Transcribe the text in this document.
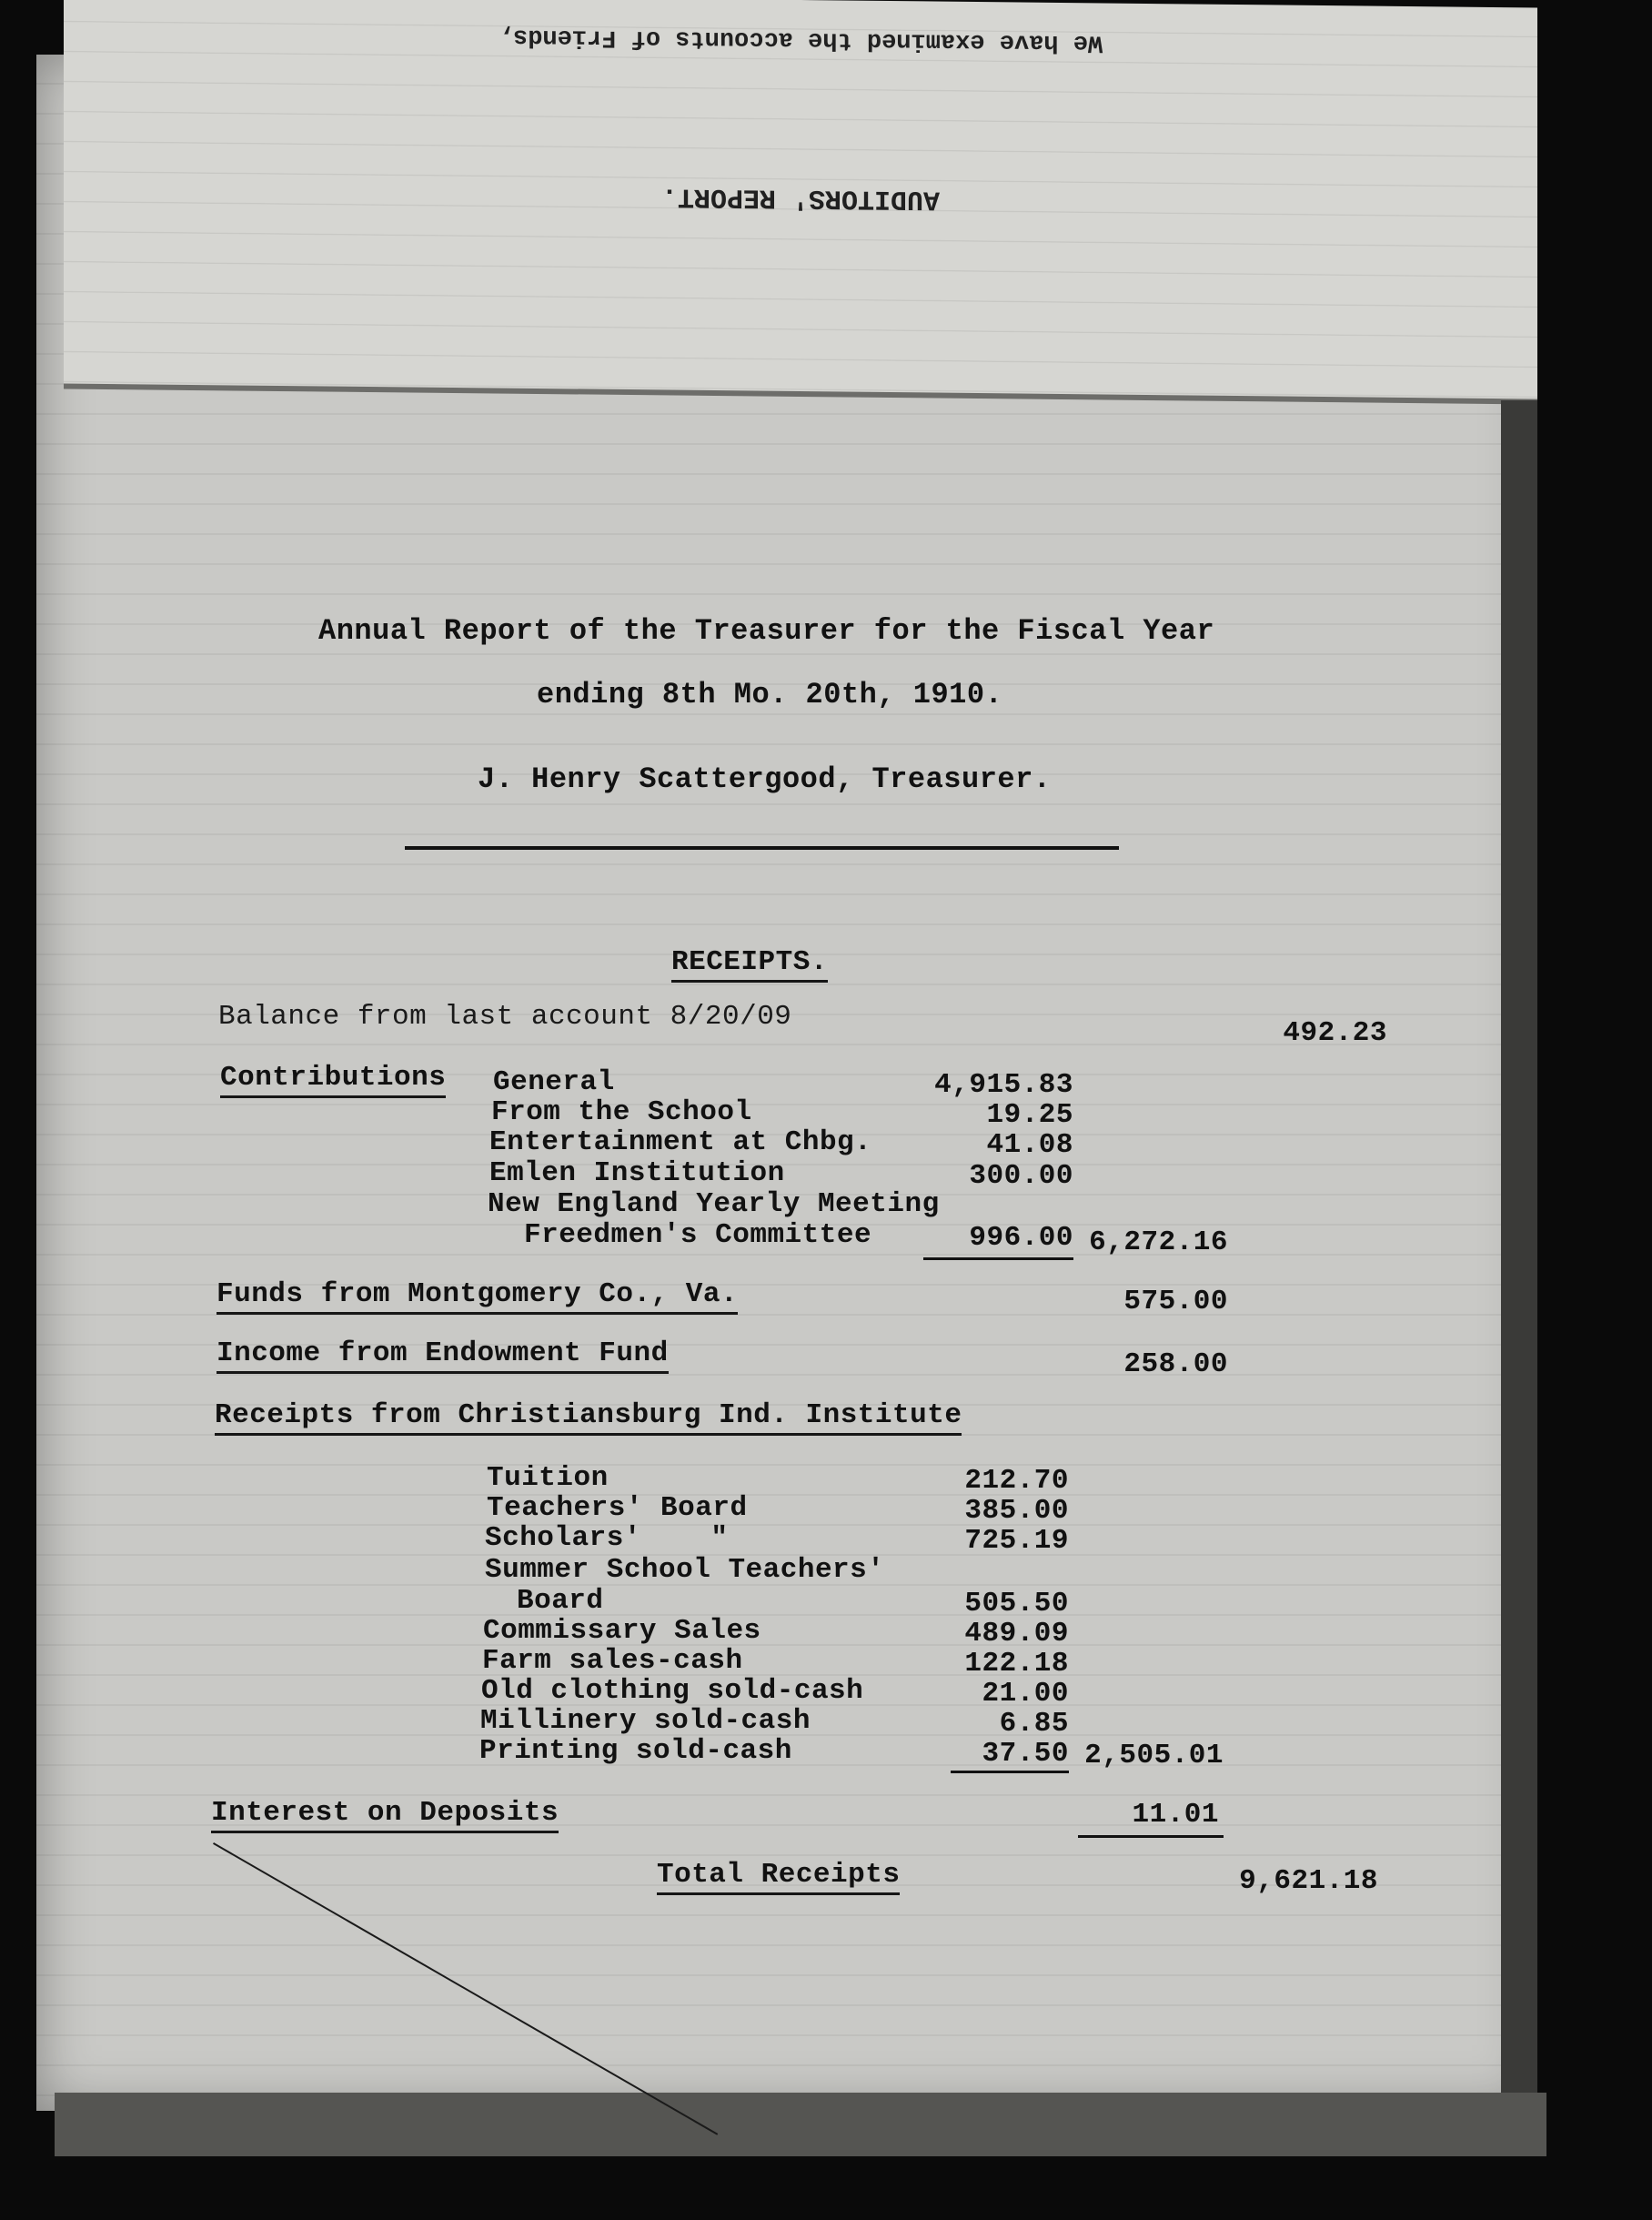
We have examined the accounts of Friends,
AUDITORS' REPORT.
Annual Report of the Treasurer for the Fiscal Year
ending 8th Mo. 20th, 1910.
J. Henry Scattergood, Treasurer.
RECEIPTS.
Balance from last account 8/20/09
492.23
Contributions General	4,915.83
From the School	19.25
Entertainment at Chbg.	41.08
Emlen Institution	300.00
New England Yearly Meeting
Freedmen's Committee	996.00 6,272.16
Funds from Montgomery Co., Va.	575.00
Income from Endowment Fund	258.00
Receipts from Christiansburg Ind. Institute
Tuition	212.70
Teachers' Board	385.00
Scholars'    "	725.19
Summer School Teachers'
Board	505.50
Commissary Sales	489.09
Farm sales-cash	122.18
Old clothing sold-cash	21.00
Millinery sold-cash	6.85
Printing sold-cash	37.50 2,505.01
Interest on Deposits	11.01
Total Receipts	9,621.18
